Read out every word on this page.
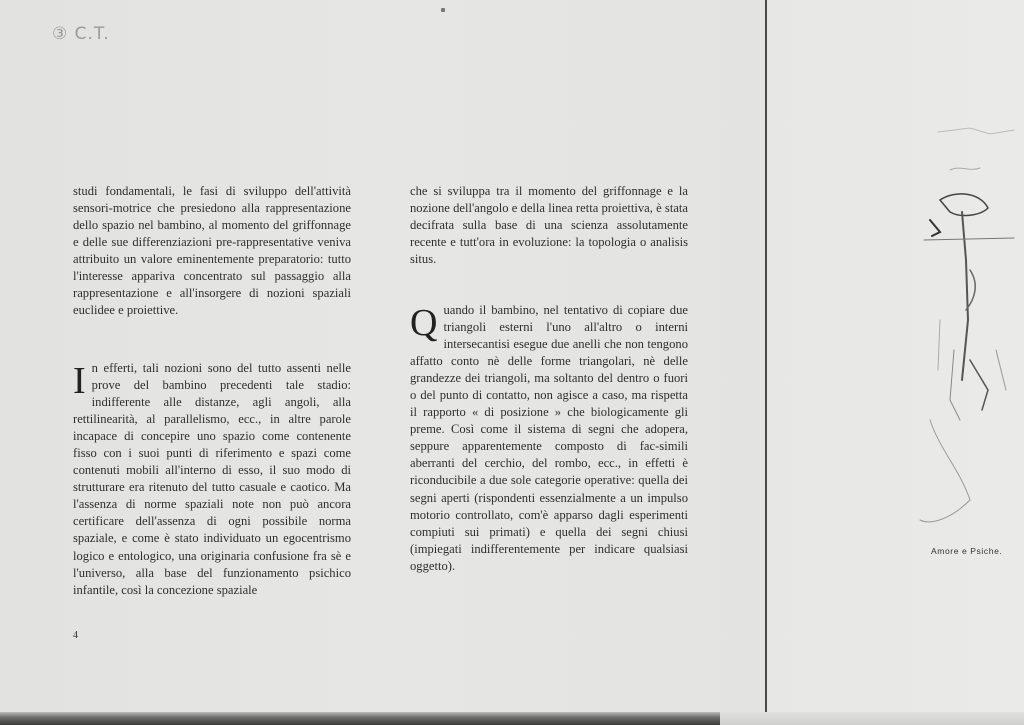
③ C.T.

studi fondamentali, le fasi di sviluppo dell'attività sensori-motrice che presiedono alla rappresentazione dello spazio nel bambino, al momento del griffonnage e delle sue differenziazioni pre-rappresentative veniva attribuito un valore eminentemente preparatorio: tutto l'interesse appariva concentrato sul passaggio alla rappresentazione e all'insorgere di nozioni spaziali euclidee e proiettive.

In efferti, tali nozioni sono del tutto assenti nelle prove del bambino precedenti tale stadio: indifferente alle distanze, agli angoli, alla rettilinearità, al parallelismo, ecc., in altre parole incapace di concepire uno spazio come contenente fisso con i suoi punti di riferimento e spazi come contenuti mobili all'interno di esso, il suo modo di strutturare era ritenuto del tutto casuale e caotico. Ma l'assenza di norme spaziali note non può ancora certificare dell'assenza di ogni possibile norma spaziale, e come è stato individuato un egocentrismo logico e entologico, una originaria confusione fra sè e l'universo, alla base del funzionamento psichico infantile, così la concezione spaziale

che si sviluppa tra il momento del griffonnage e la nozione dell'angolo e della linea retta proiettiva, è stata decifrata sulla base di una scienza assolutamente recente e tutt'ora in evoluzione: la topologia o analisis situs.

Quando il bambino, nel tentativo di copiare due triangoli esterni l'uno all'altro o interni intersecantisi esegue due anelli che non tengono affatto conto nè delle forme triangolari, nè delle grandezze dei triangoli, ma soltanto del dentro o fuori o del punto di contatto, non agisce a caso, ma rispetta il rapporto « di posizione » che biologicamente gli preme. Così come il sistema di segni che adopera, seppure apparentemente composto di fac-simili aberranti del cerchio, del rombo, ecc., in effetti è riconducibile a due sole categorie operative: quella dei segni aperti (rispondenti essenzialmente a un impulso motorio controllato, com'è apparso dagli esperimenti compiuti sui primati) e quella dei segni chiusi (impiegati indifferentemente per indicare qualsiasi oggetto).

4
Amore e Psiche.
